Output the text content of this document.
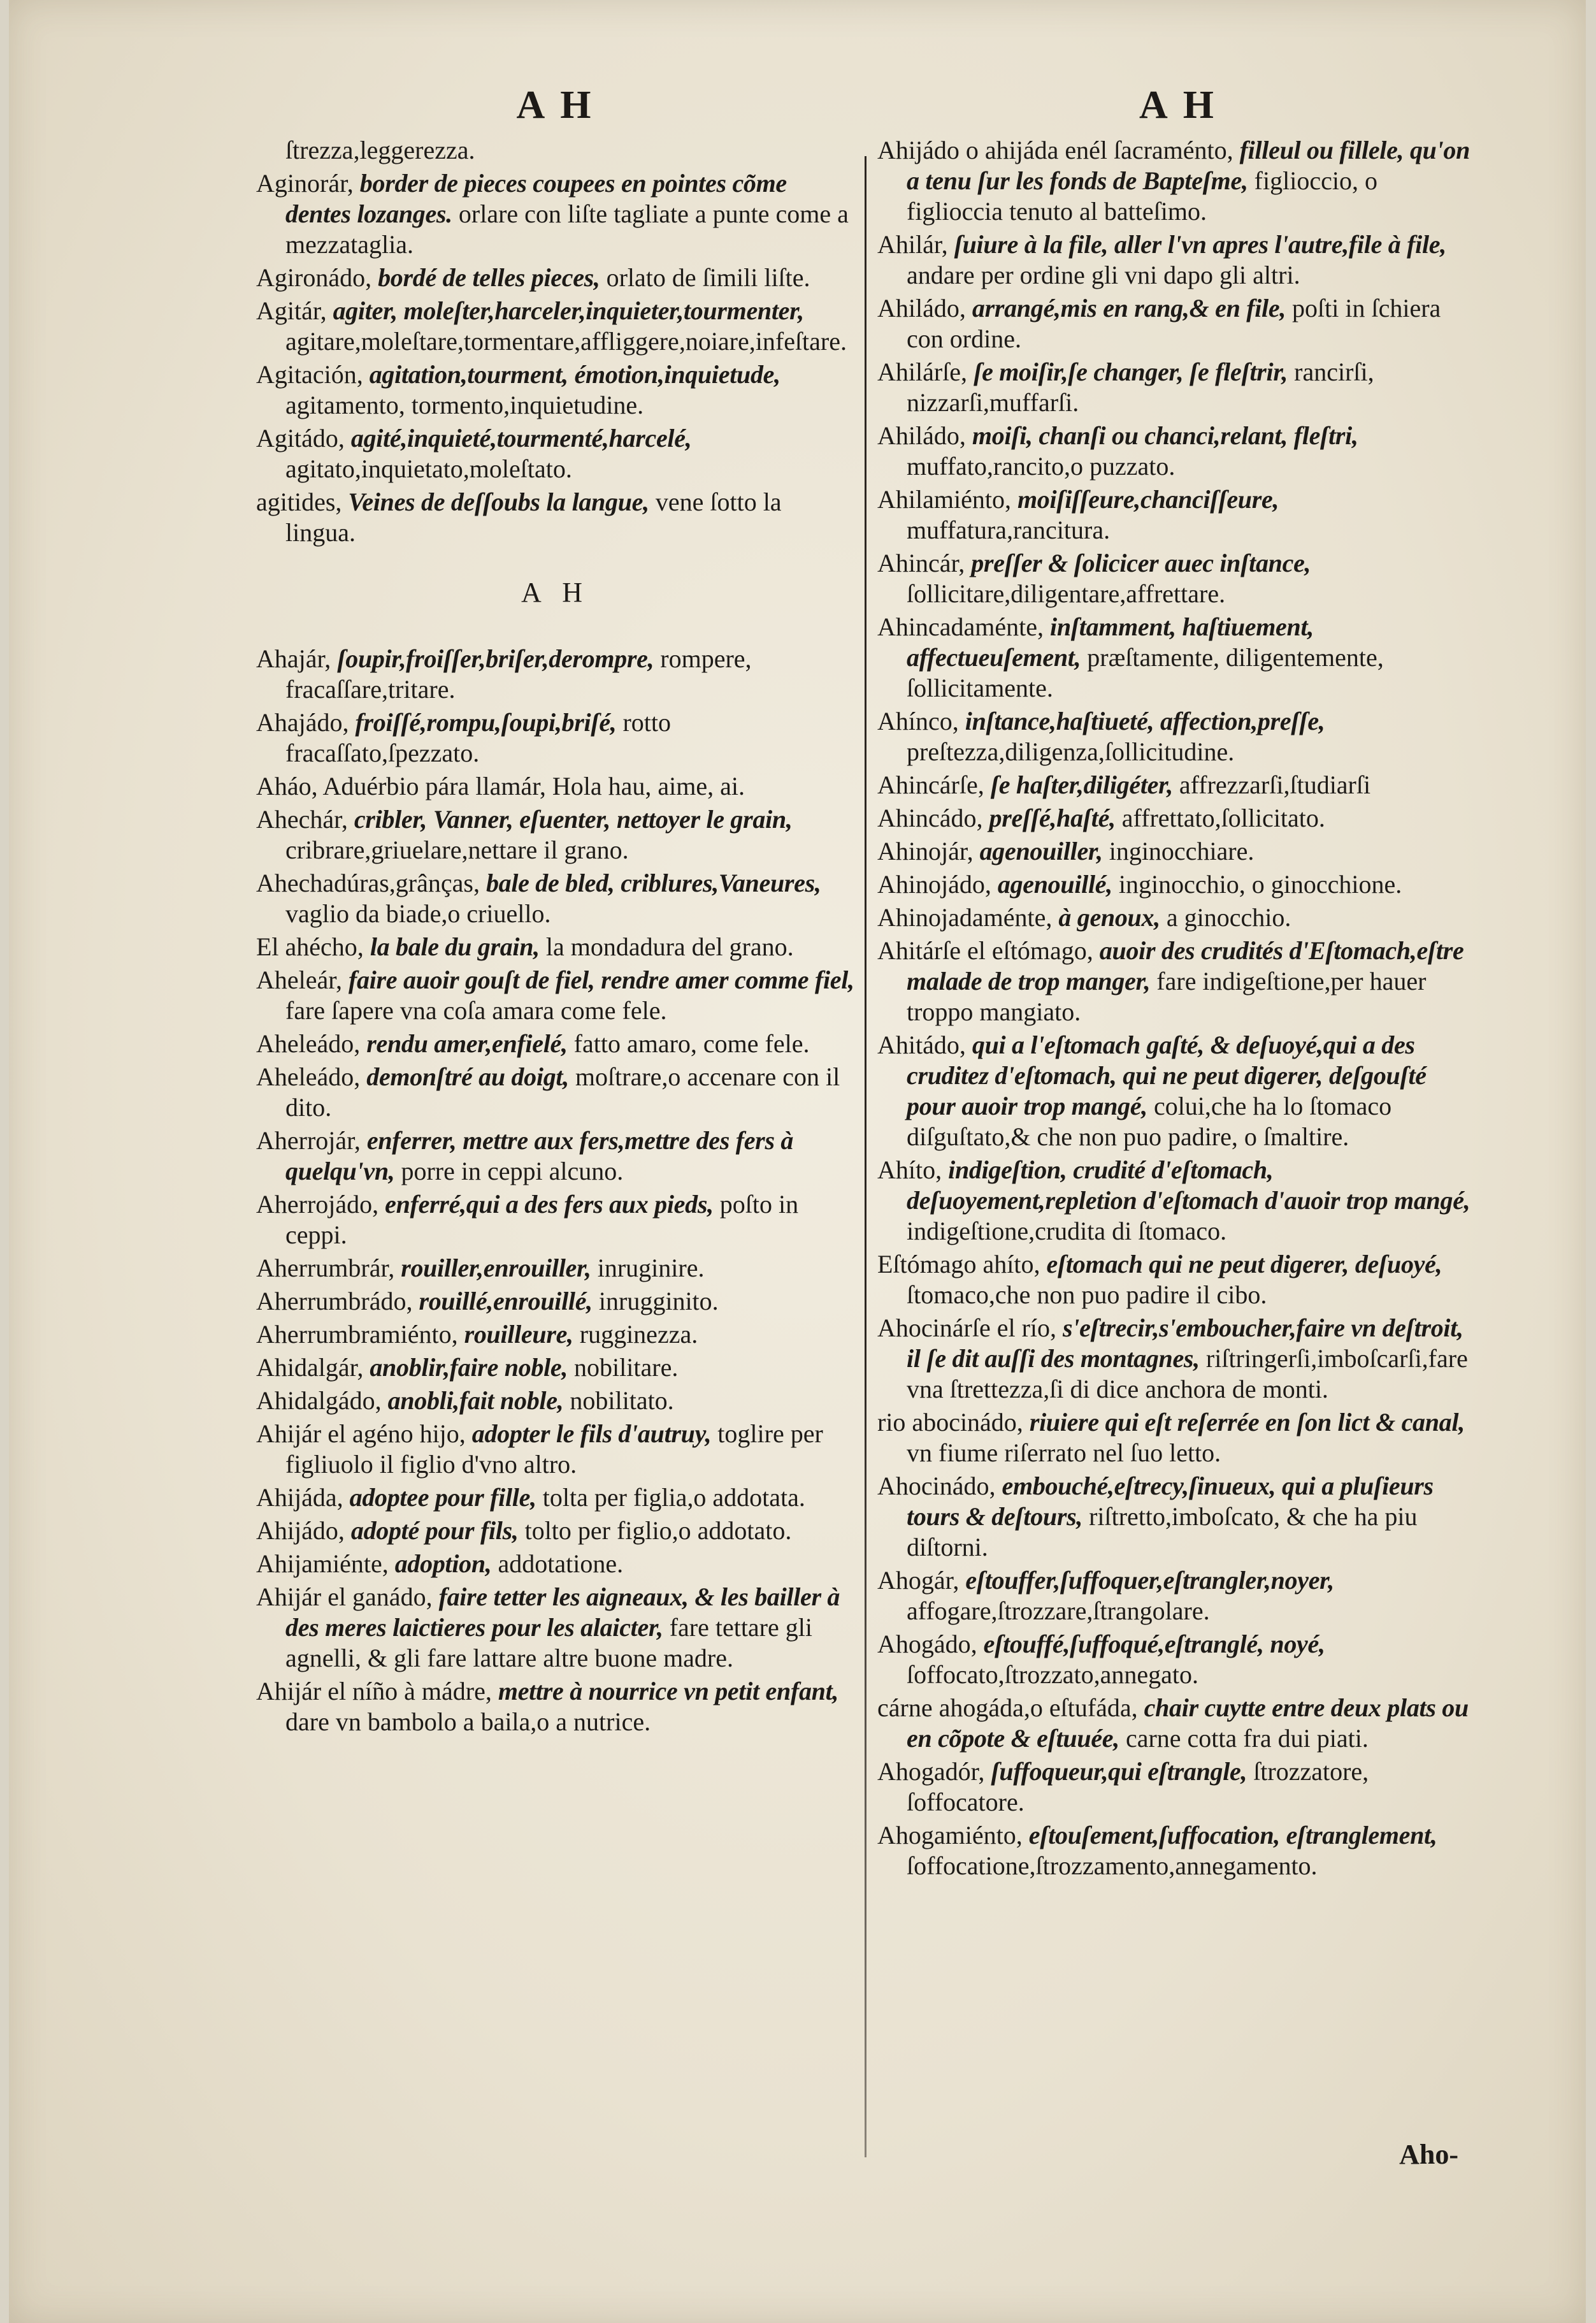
A H
ſtrezza,leggerezza.
Aginorár, border de pieces coupees en pointes cõme dentes lozanges. orlare con liſte tagliate a punte come a mezzataglia.
Agironádo, bordé de telles pieces, orlato de ſimili liſte.
Agitár, agiter, moleſter,harceler,inquieter,tourmenter, agitare,moleſtare,tormentare,affliggere,noiare,infeſtare.
Agitación, agitation,tourment, émotion,inquietude, agitamento, tormento,inquietudine.
Agitádo, agité,inquieté,tourmenté,harcelé, agitato,inquietato,moleſtato.
agitides, Veines de deſſoubs la langue, vene ſotto la lingua.
A H
Ahajár, ſoupir,froiſſer,briſer,derompre, rompere, fracaſſare,tritare.
Ahajádo, froiſſé,rompu,ſoupi,briſé, rotto fracaſſato,ſpezzato.
Aháo, Aduérbio pára llamár, Hola hau, aime, ai.
Ahechár, cribler, Vanner, eſuenter, nettoyer le grain, cribrare,griuelare,nettare il grano.
Ahechadúras,grânças, bale de bled, criblures,Vaneures, vaglio da biade,o criuello.
El ahécho, la bale du grain, la mondadura del grano.
Aheleár, faire auoir gouſt de fiel, rendre amer comme fiel, fare ſapere vna coſa amara come fele.
Aheleádo, rendu amer,enfielé, fatto amaro, come fele.
Aheleádo, demonſtré au doigt, moſtrare,o accenare con il dito.
Aherrojár, enferrer, mettre aux fers,mettre des fers à quelqu'vn, porre in ceppi alcuno.
Aherrojádo, enferré,qui a des fers aux pieds, poſto in ceppi.
Aherrumbrár, rouiller,enrouiller, inruginire.
Aherrumbrádo, rouillé,enrouillé, inrugginito.
Aherrumbramiénto, rouilleure, rugginezza.
Ahidalgár, anoblir,faire noble, nobilitare.
Ahidalgádo, anobli,fait noble, nobilitato.
Ahijár el agéno hijo, adopter le fils d'autruy, toglire per figliuolo il figlio d'vno altro.
Ahijáda, adoptee pour fille, tolta per figlia,o addotata.
Ahijádo, adopté pour fils, tolto per figlio,o addotato.
Ahijamiénte, adoption, addotatione.
Ahijár el ganádo, faire tetter les aigneaux, & les bailler à des meres laictieres pour les alaicter, fare tettare gli agnelli, & gli fare lattare altre buone madre.
Ahijár el níño à mádre, mettre à nourrice vn petit enfant, dare vn bambolo a baila,o a nutrice.
A H
Ahijádo o ahijáda enél ſacraménto, filleul ou fillele, qu'on a tenu ſur les fonds de Bapteſme, figlioccio, o figlioccia tenuto al batteſimo.
Ahilár, ſuiure à la file, aller l'vn apres l'autre,file à file, andare per ordine gli vni dapo gli altri.
Ahiládo, arrangé,mis en rang,& en file, poſti in ſchiera con ordine.
Ahilárſe, ſe moiſir,ſe changer, ſe fleſtrir, rancirſi, nizzarſi,muffarſi.
Ahiládo, moiſi, chanſi ou chanci,relant, fleſtri, muffato,rancito,o puzzato.
Ahilamiénto, moiſiſſeure,chanciſſeure, muffatura,rancitura.
Ahincár, preſſer & ſolicicer auec inſtance, ſollicitare,diligentare,affrettare.
Ahincadaménte, inſtamment, haſtiuement, affectueuſement, præſtamente, diligentemente, ſollicitamente.
Ahínco, inſtance,haſtiueté, affection,preſſe, preſtezza,diligenza,ſollicitudine.
Ahincárſe, ſe haſter,diligéter, affrezzarſi,ſtudiarſi
Ahincádo, preſſé,haſté, affrettato,ſollicitato.
Ahinojár, agenouiller, inginocchiare.
Ahinojádo, agenouillé, inginocchio, o ginocchione.
Ahinojadaménte, à genoux, a ginocchio.
Ahitárſe el eſtómago, auoir des crudités d'Eſtomach,eſtre malade de trop manger, fare indigeſtione,per hauer troppo mangiato.
Ahitádo, qui a l'eſtomach gaſté, & deſuoyé,qui a des cruditez d'eſtomach, qui ne peut digerer, deſgouſté pour auoir trop mangé, colui,che ha lo ſtomaco diſguſtato,& che non puo padire, o ſmaltire.
Ahíto, indigeſtion, crudité d'eſtomach, deſuoyement,repletion d'eſtomach d'auoir trop mangé, indigeſtione,crudita di ſtomaco.
Eſtómago ahíto, eſtomach qui ne peut digerer, deſuoyé, ſtomaco,che non puo padire il cibo.
Ahocinárſe el río, s'eſtrecir,s'emboucher,faire vn deſtroit, il ſe dit auſſi des montagnes, riſtringerſi,imboſcarſi,fare vna ſtrettezza,ſi di dice anchora de monti.
rio abocinádo, riuiere qui eſt reſerrée en ſon lict & canal, vn fiume riſerrato nel ſuo letto.
Ahocinádo, embouché,eſtrecy,ſinueux, qui a pluſieurs tours & deſtours, riſtretto,imboſcato, & che ha piu diſtorni.
Ahogár, eſtouffer,ſuffoquer,eſtrangler,noyer, affogare,ſtrozzare,ſtrangolare.
Ahogádo, eſtouffé,ſuffoqué,eſtranglé, noyé, ſoffocato,ſtrozzato,annegato.
cárne ahogáda,o eſtufáda, chair cuytte entre deux plats ou en cõpote & eſtuuée, carne cotta fra dui piati.
Ahogadór, ſuffoqueur,qui eſtrangle, ſtrozzatore, ſoffocatore.
Ahogamiénto, eſtouſement,ſuffocation, eſtranglement, ſoffocatione,ſtrozzamento,annegamento.
Aho-
